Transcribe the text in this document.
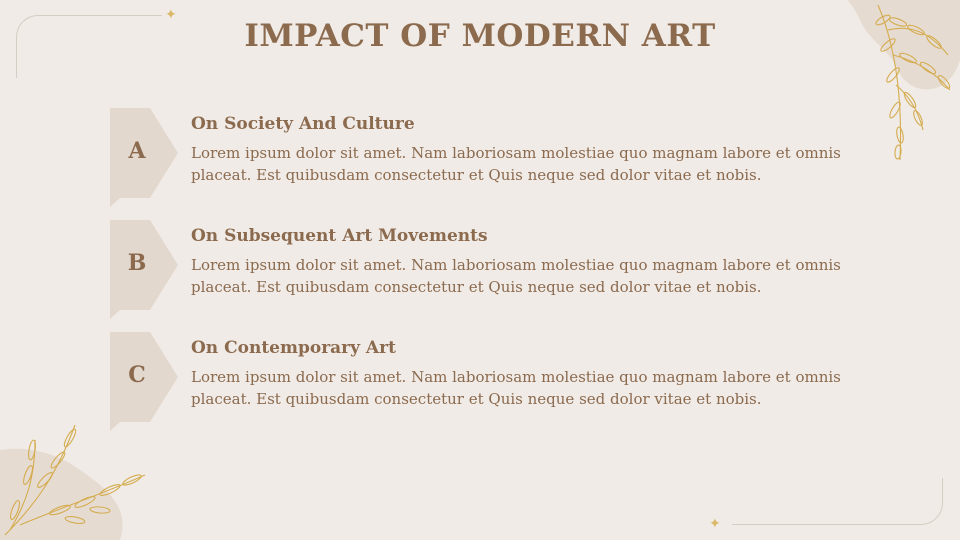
✦
✦
IMPACT OF MODERN ART
A
On Society And Culture
Lorem ipsum dolor sit amet. Nam laboriosam molestiae quo magnam labore et omnis placeat. Est quibusdam consectetur et Quis neque sed dolor vitae et nobis.
B
On Subsequent Art Movements
Lorem ipsum dolor sit amet. Nam laboriosam molestiae quo magnam labore et omnis placeat. Est quibusdam consectetur et Quis neque sed dolor vitae et nobis.
C
On Contemporary Art
Lorem ipsum dolor sit amet. Nam laboriosam molestiae quo magnam labore et omnis placeat. Est quibusdam consectetur et Quis neque sed dolor vitae et nobis.
